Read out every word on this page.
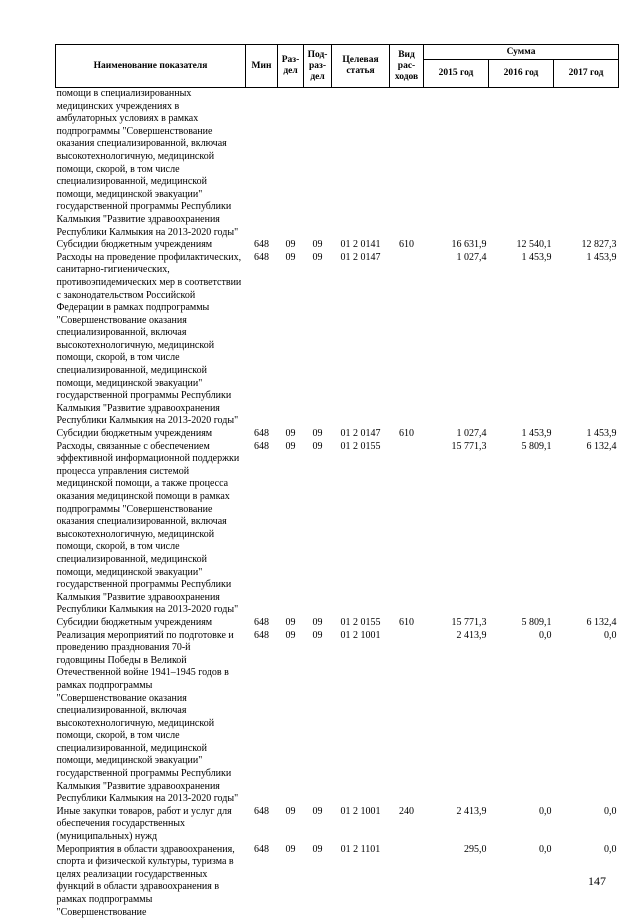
Наименование показателя	Мин	Раз-дел	Под-раз-дел	Целевая статья	Вид рас-ходов	Сумма		
						2015 год	2016 год	2017 год
помощи в специализированных медицинских учреждениях в амбулаторных условиях в рамках подпрограммы "Совершенствование оказания специализированной, включая высокотехнологичную, медицинской помощи, скорой, в том числе специализированной, медицинской помощи, медицинской эвакуации" государственной программы Республики Калмыкия "Развитие здравоохранения Республики Калмыкия на 2013-2020 годы"								
Субсидии бюджетным учреждениям	648	09	09	01 2 0141	610	16 631,9	12 540,1	12 827,3
Расходы на проведение профилактических, санитарно-гигиенических, противоэпидемических мер в соответствии с законодательством Российской Федерации в рамках подпрограммы "Совершенствование оказания специализированной, включая высокотехнологичную, медицинской помощи, скорой, в том числе специализированной, медицинской помощи, медицинской эвакуации" государственной программы Республики Калмыкия "Развитие здравоохранения Республики Калмыкия на 2013-2020 годы"	648	09	09	01 2 0147		1 027,4	1 453,9	1 453,9
Субсидии бюджетным учреждениям	648	09	09	01 2 0147	610	1 027,4	1 453,9	1 453,9
Расходы, связанные с обеспечением эффективной информационной поддержки процесса управления системой медицинской помощи, а также процесса оказания медицинской помощи в рамках подпрограммы "Совершенствование оказания специализированной, включая высокотехнологичную, медицинской помощи, скорой, в том числе специализированной, медицинской помощи, медицинской эвакуации" государственной программы Республики Калмыкия "Развитие здравоохранения Республики Калмыкия на 2013-2020 годы"	648	09	09	01 2 0155		15 771,3	5 809,1	6 132,4
Субсидии бюджетным учреждениям	648	09	09	01 2 0155	610	15 771,3	5 809,1	6 132,4
Реализация мероприятий по подготовке и проведению празднования 70-й годовщины Победы в Великой Отечественной войне 1941–1945 годов в рамках подпрограммы "Совершенствование оказания специализированной, включая высокотехнологичную, медицинской помощи, скорой, в том числе специализированной, медицинской помощи, медицинской эвакуации" государственной программы Республики Калмыкия "Развитие здравоохранения Республики Калмыкия на 2013-2020 годы"	648	09	09	01 2 1001		2 413,9	0,0	0,0
Иные закупки товаров, работ и услуг для обеспечения государственных (муниципальных) нужд	648	09	09	01 2 1001	240	2 413,9	0,0	0,0
Мероприятия в области здравоохранения, спорта и физической культуры, туризма в целях реализации государственных функций в области здравоохранения в рамках подпрограммы "Совершенствование	648	09	09	01 2 1101		295,0	0,0	0,0
147
